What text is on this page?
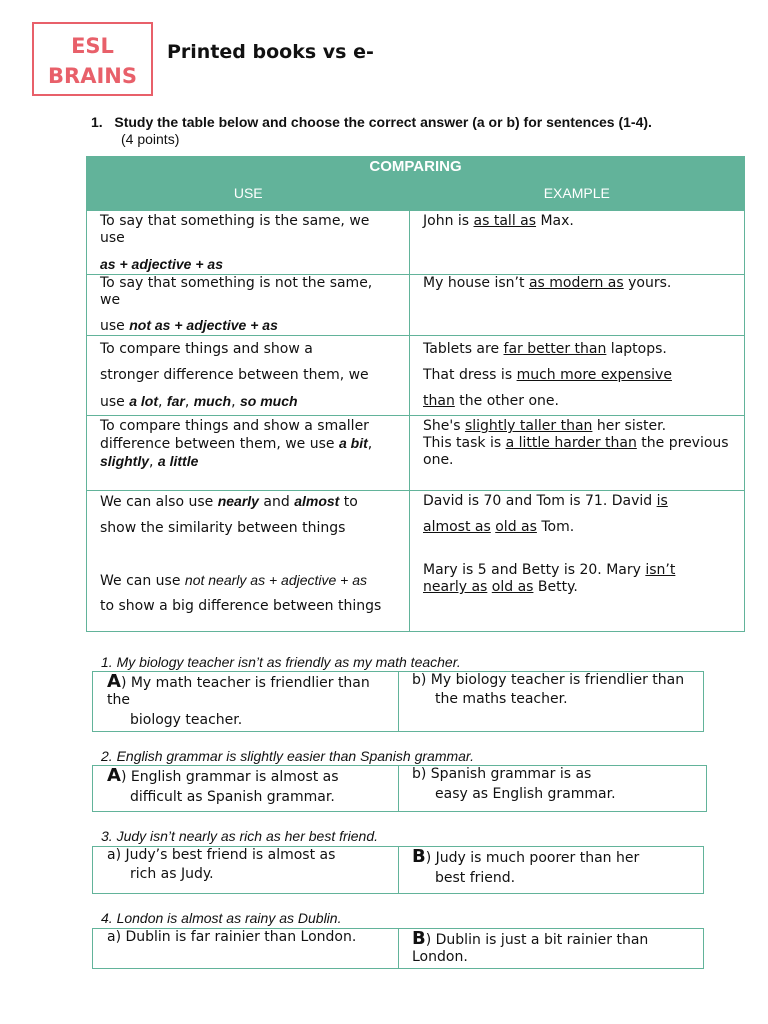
ESL
BRAINS
Printed books vs e-
1. Study the table below and choose the correct answer (a or b) for sentences (1-4).
(4 points)
COMPARING	
USE	EXAMPLE

To say that something is the same, we use
as + adjective + as	John is as tall as Max.

To say that something is not the same, we
use not as + adjective + as	My house isn’t as modern as yours.

To compare things and show a
stronger difference between them, we
use a lot, far, much, so much	Tablets are far better than laptops.
That dress is much more expensive
than the other one.

To compare things and show a smaller difference between them, we use a bit, slightly, a little	She's slightly taller than her sister.
This task is a little harder than the previous one.

We can also use nearly and almost to
show the similarity between things
We can use not nearly as + adjective + as
to show a big difference between things	David is 70 and Tom is 71. David is
almost as old as Tom.
Mary is 5 and Betty is 20. Mary isn’t
nearly as old as Betty.
1. My biology teacher isn’t as friendly as my math teacher.
A) My math teacher is friendlier than the
biology teacher.
b) My biology teacher is friendlier than
the maths teacher.
2. English grammar is slightly easier than Spanish grammar.
A) English grammar is almost as
difficult as Spanish grammar.
b) Spanish grammar is as
easy as English grammar.
3. Judy isn’t nearly as rich as her best friend.
a) Judy’s best friend is almost as
rich as Judy.
B) Judy is much poorer than her
best friend.
4. London is almost as rainy as Dublin.
a) Dublin is far rainier than London.	B) Dublin is just a bit rainier than
London.
